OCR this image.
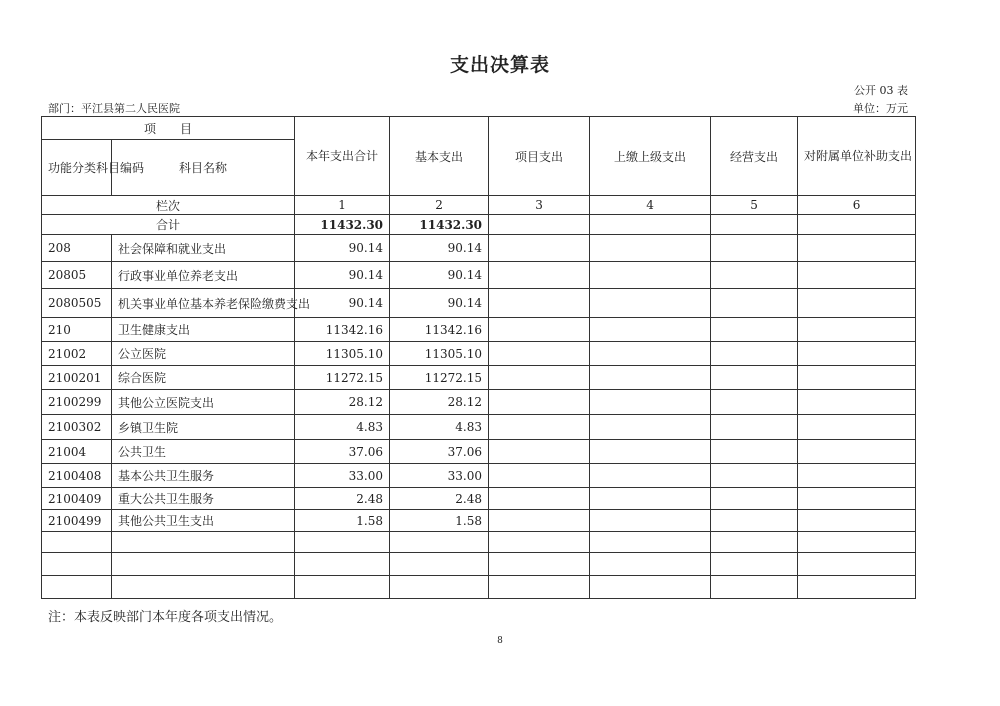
支出决算表
公开 03 表
部门：平江县第二人民医院	单位：万元
项　　目		本年支出合计	基本支出	项目支出	上缴上级支出	经营支出	对附属单位补助支出
功能分类科目编码	科目名称						
栏次		1	2	3	4	5	6
合计		11432.30	11432.30				
208	社会保障和就业支出	90.14	90.14				
20805	行政事业单位养老支出	90.14	90.14				
2080505	机关事业单位基本养老保险缴费支出	90.14	90.14				
210	卫生健康支出	11342.16	11342.16				
21002	公立医院	11305.10	11305.10				
2100201	综合医院	11272.15	11272.15				
2100299	其他公立医院支出	28.12	28.12				
2100302	乡镇卫生院	4.83	4.83				
21004	公共卫生	37.06	37.06				
2100408	基本公共卫生服务	33.00	33.00				
2100409	重大公共卫生服务	2.48	2.48				
2100499	其他公共卫生支出	1.58	1.58				

注：本表反映部门本年度各项支出情况。
8
